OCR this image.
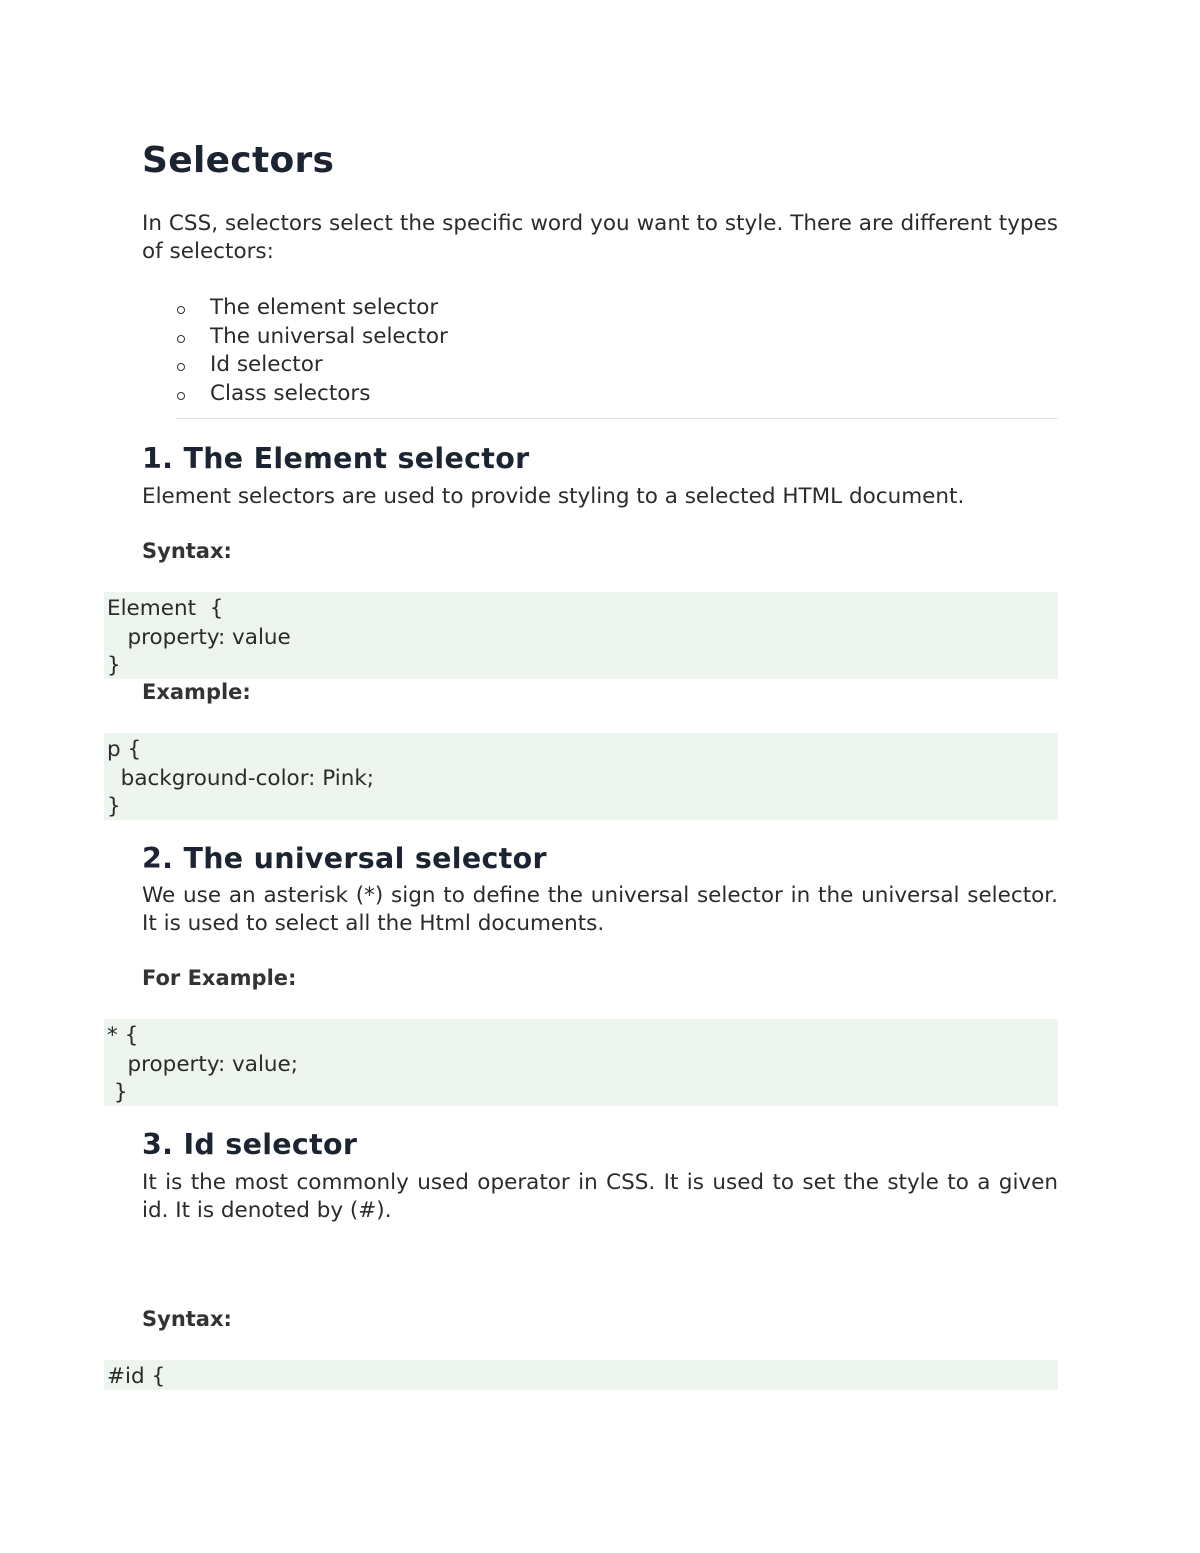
Selectors

In CSS, selectors select the specific word you want to style. There are different types of selectors:

The element selector
The universal selector
Id selector
Class selectors
1. The Element selector

Element selectors are used to provide styling to a selected HTML document.

Syntax:
Element  {
property: value
}
Example:
p {
background-color: Pink;
}
2. The universal selector

We use an asterisk (*) sign to define the universal selector in the universal selector. It is used to select all the Html documents.

For Example:
* {
property: value;
}
3. Id selector

It is the most commonly used operator in CSS. It is used to set the style to a given id. It is denoted by (#).

Syntax:
#id {
